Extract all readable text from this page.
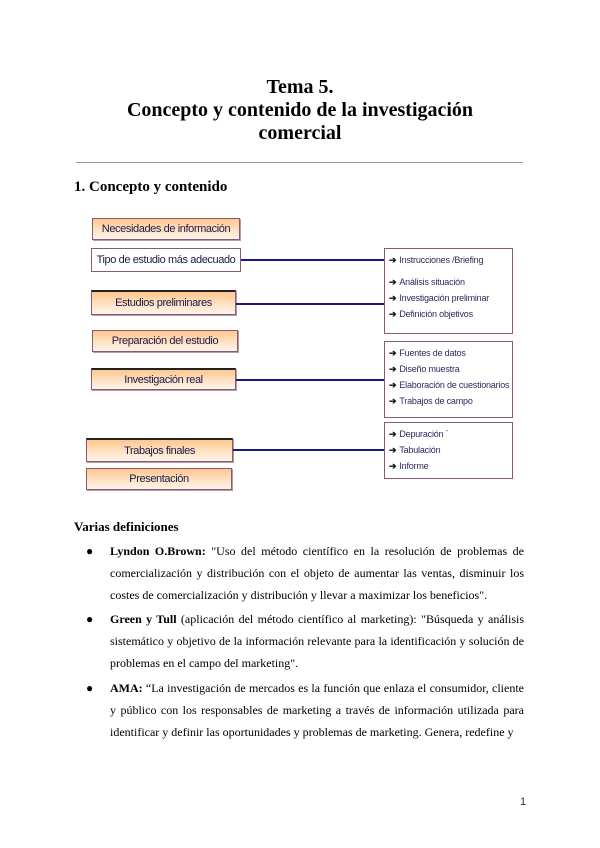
Tema 5.
Concepto y contenido de la investigación
comercial
1. Concepto y contenido
Necesidades de información
Tipo de estudio más adecuado
Estudios preliminares
Preparación del estudio
Investigación real
Trabajos finales
Presentación
➔ Instrucciones /Briefing
➔ Análisis situación
➔ Investigación preliminar
➔ Definición objetivos
➔ Fuentes de datos
➔ Diseño muestra
➔ Elaboración de cuestionarios
➔ Trabajos de campo
➔ Depuración ´
➔ Tabulación
➔ Informe
Varias definiciones
● Lyndon O.Brown: "Uso del método científico en la resolución de problemas de comercialización y distribución con el objeto de aumentar las ventas, disminuir los costes de comercialización y distribución y llevar a maximizar los beneficios".
● Green y Tull (aplicación del método científico al marketing): "Búsqueda y análisis sistemático y objetivo de la información relevante para la identificación y solución de problemas en el campo del marketing".
● AMA: “La investigación de mercados es la función que enlaza el consumidor, cliente y público con los responsables de marketing a través de información utilizada para identificar y definir las oportunidades y problemas de marketing. Genera, redefine y
1
